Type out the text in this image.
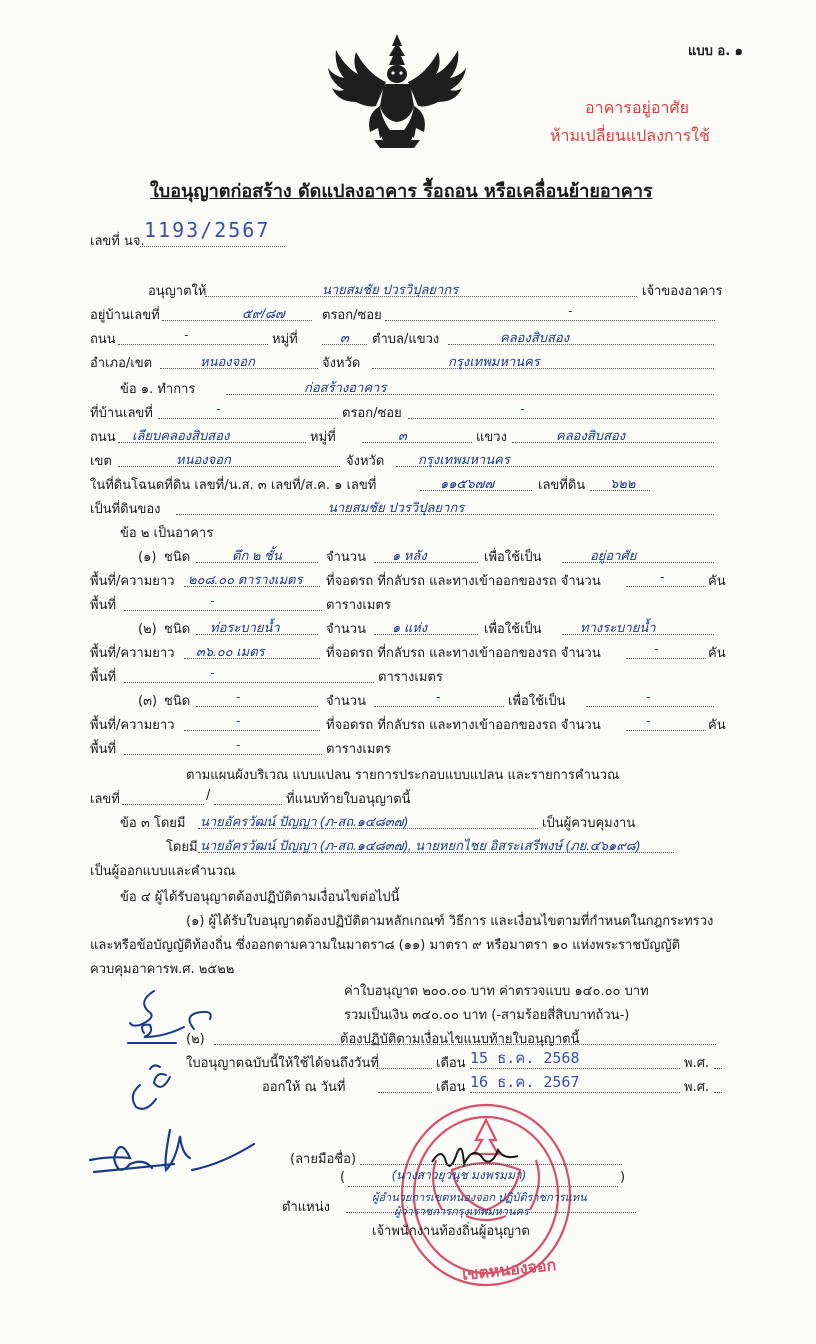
แบบ อ. ๑
อาคารอยู่อาศัย
ห้ามเปลี่ยนแปลงการใช้
ใบอนุญาตก่อสร้าง ดัดแปลงอาคาร รื้อถอน หรือเคลื่อนย้ายอาคาร
เลขที่ นจ. 1193/2567
อนุญาตให้	นายสมชัย ปวรวิปุลยากร	เจ้าของอาคาร
อยู่บ้านเลขที่	๕๙/๘๗	ตรอก/ซอย	-
ถนน	-	หมู่ที่	๓ ตำบล/แขวง	คลองสิบสอง
อำเภอ/เขต	หนองจอก	จังหวัด	กรุงเทพมหานคร
ข้อ ๑. ทำการ	ก่อสร้างอาคาร
ที่บ้านเลขที่	-	ตรอก/ซอย	-
ถนน เลียบคลองสิบสอง	หมู่ที่	๓	แขวง	คลองสิบสอง
เขต	หนองจอก	จังหวัด	กรุงเทพมหานคร
ในที่ดินโฉนดที่ดิน เลขที่/น.ส. ๓ เลขที่/ส.ค. ๑ เลขที่	๑๑๕๖๗๗	เลขที่ดิน ๖๒๒
เป็นที่ดินของ	นายสมชัย ปวรวิปุลยากร
ข้อ ๒ เป็นอาคาร
(๑) ชนิด	ตึก ๒ ชั้น	จำนวน ๑ หลัง	เพื่อใช้เป็น	อยู่อาศัย
พื้นที่/ความยาว ๒๐๘.๐๐ ตารางเมตร ที่จอดรถ ที่กลับรถ และทางเข้าออกของรถ จำนวน	-	คัน
พื้นที่	-	ตารางเมตร
(๒) ชนิด ท่อระบายน้ำ	จำนวน ๑ แห่ง	เพื่อใช้เป็น	ทางระบายน้ำ
พื้นที่/ความยาว ๓๖.๐๐ เมตร	ที่จอดรถ ที่กลับรถ และทางเข้าออกของรถ จำนวน	-	คัน
พื้นที่	-	ตารางเมตร
(๓) ชนิด	-	จำนวน	-	เพื่อใช้เป็น	-
พื้นที่/ความยาว	-	ที่จอดรถ ที่กลับรถ และทางเข้าออกของรถ จำนวน	-	คัน
พื้นที่	-	ตารางเมตร
ตามแผนผังบริเวณ แบบแปลน รายการประกอบแบบแปลน และรายการคำนวณ
เลขที่	/	ที่แนบท้ายใบอนุญาตนี้
ข้อ ๓ โดยมี นายอัครวัฒน์ ปัญญา (ภ-สถ.๑๔๘๓๗)	เป็นผู้ควบคุมงาน
โดยมี นายอัครวัฒน์ ปัญญา (ภ-สถ.๑๔๘๓๗), นายหยกไชย อิสระเสรีพงษ์ (ภย.๔๖๑๙๘)
เป็นผู้ออกแบบและคำนวณ
ข้อ ๔ ผู้ได้รับอนุญาตต้องปฏิบัติตามเงื่อนไขต่อไปนี้
(๑) ผู้ได้รับใบอนุญาตต้องปฏิบัติตามหลักเกณฑ์ วิธีการ และเงื่อนไขตามที่กำหนดในกฎกระทรวง
และหรือข้อบัญญัติท้องถิ่น ซึ่งออกตามความในมาตรา๘ (๑๑) มาตรา ๙ หรือมาตรา ๑๐ แห่งพระราชบัญญัติ
ควบคุมอาคารพ.ศ. ๒๕๒๒
ค่าใบอนุญาต ๒๐๐.๐๐ บาท ค่าตรวจแบบ ๑๔๐.๐๐ บาท
รวมเป็นเงิน ๓๔๐.๐๐ บาท (-สามร้อยสี่สิบบาทถ้วน-)
(๒)	ต้องปฏิบัติตามเงื่อนไขแนบท้ายใบอนุญาตนี้
ใบอนุญาตฉบับนี้ให้ใช้ได้จนถึงวันที่	เดือน 15 ธ.ค. 2568	พ.ศ.
ออกให้ ณ วันที่	เดือน 16 ธ.ค. 2567	พ.ศ.
เขตหนองจอก
(ลายมือชื่อ)
(	(นางสาวยุวนุช มงพรมมา)	)
ตำแหน่ง
ผู้อำนวยการเขตหนองจอก ปฏิบัติราชการแทน
ผู้ว่าราชการกรุงเทพมหานคร
เจ้าพนักงานท้องถิ่นผู้อนุญาต
